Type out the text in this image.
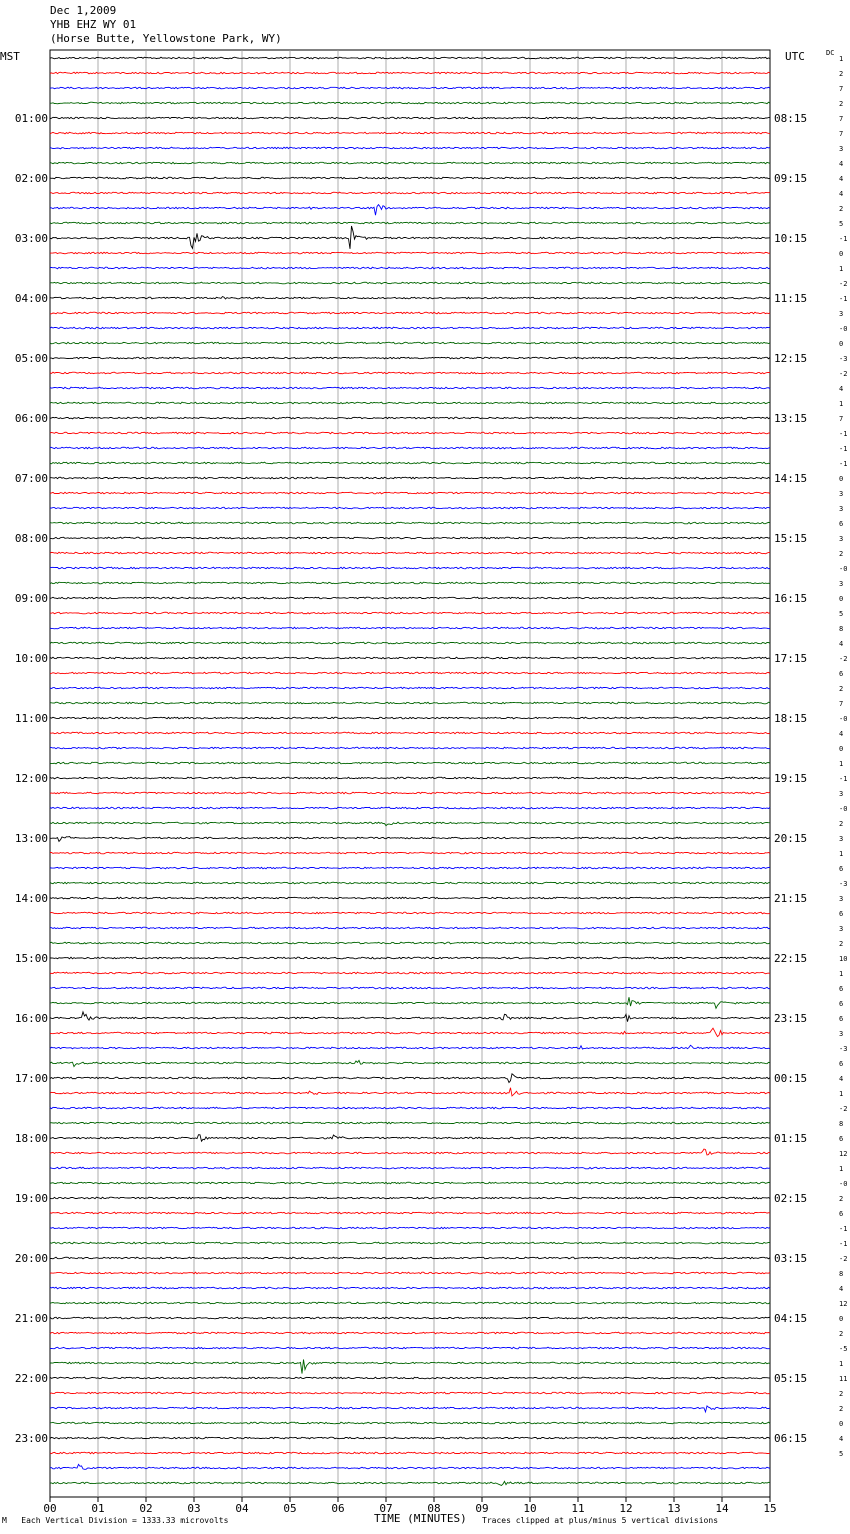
Dec 1,2009
YHB EHZ WY 01
(Horse Butte, Yellowstone Park, WY)
MST	UTC	DC
00	01	02	03	04	05	06	07	08	09	10	11	12	13	14	15
1
2
7
2
7
7
3
4
4
4
2
5
-1
0
1
-2
-1
3
-0
0
-3
-2
4
1
7
-1
-1
-1
0
3
3
6
3
2
-0
3
0
5
8
4
-2
6
2
7
-0
4
0
1
-1
3
-0
2
3
1
6
-3
3
6
3
2
10
1
6
6
6
3
-3
6
4
1
-2
8
6
12
1
-0
2
6
-1
-1
-2
8
4
12
0
2
-5
1
11
2
2
0
4
5
01:00	08:15
02:00	09:15
03:00	10:15
04:00	11:15
05:00	12:15
06:00	13:15
07:00	14:15
08:00	15:15
09:00	16:15
10:00	17:15
11:00	18:15
12:00	19:15
13:00	20:15
14:00	21:15
15:00	22:15
16:00	23:15
17:00	00:15
18:00	01:15
19:00	02:15
20:00	03:15
21:00	04:15
22:00	05:15
23:00	06:15
M Each Vertical Division = 1333.33 microvolts	TIME (MINUTES) Traces clipped at plus/minus 5 vertical divisions
